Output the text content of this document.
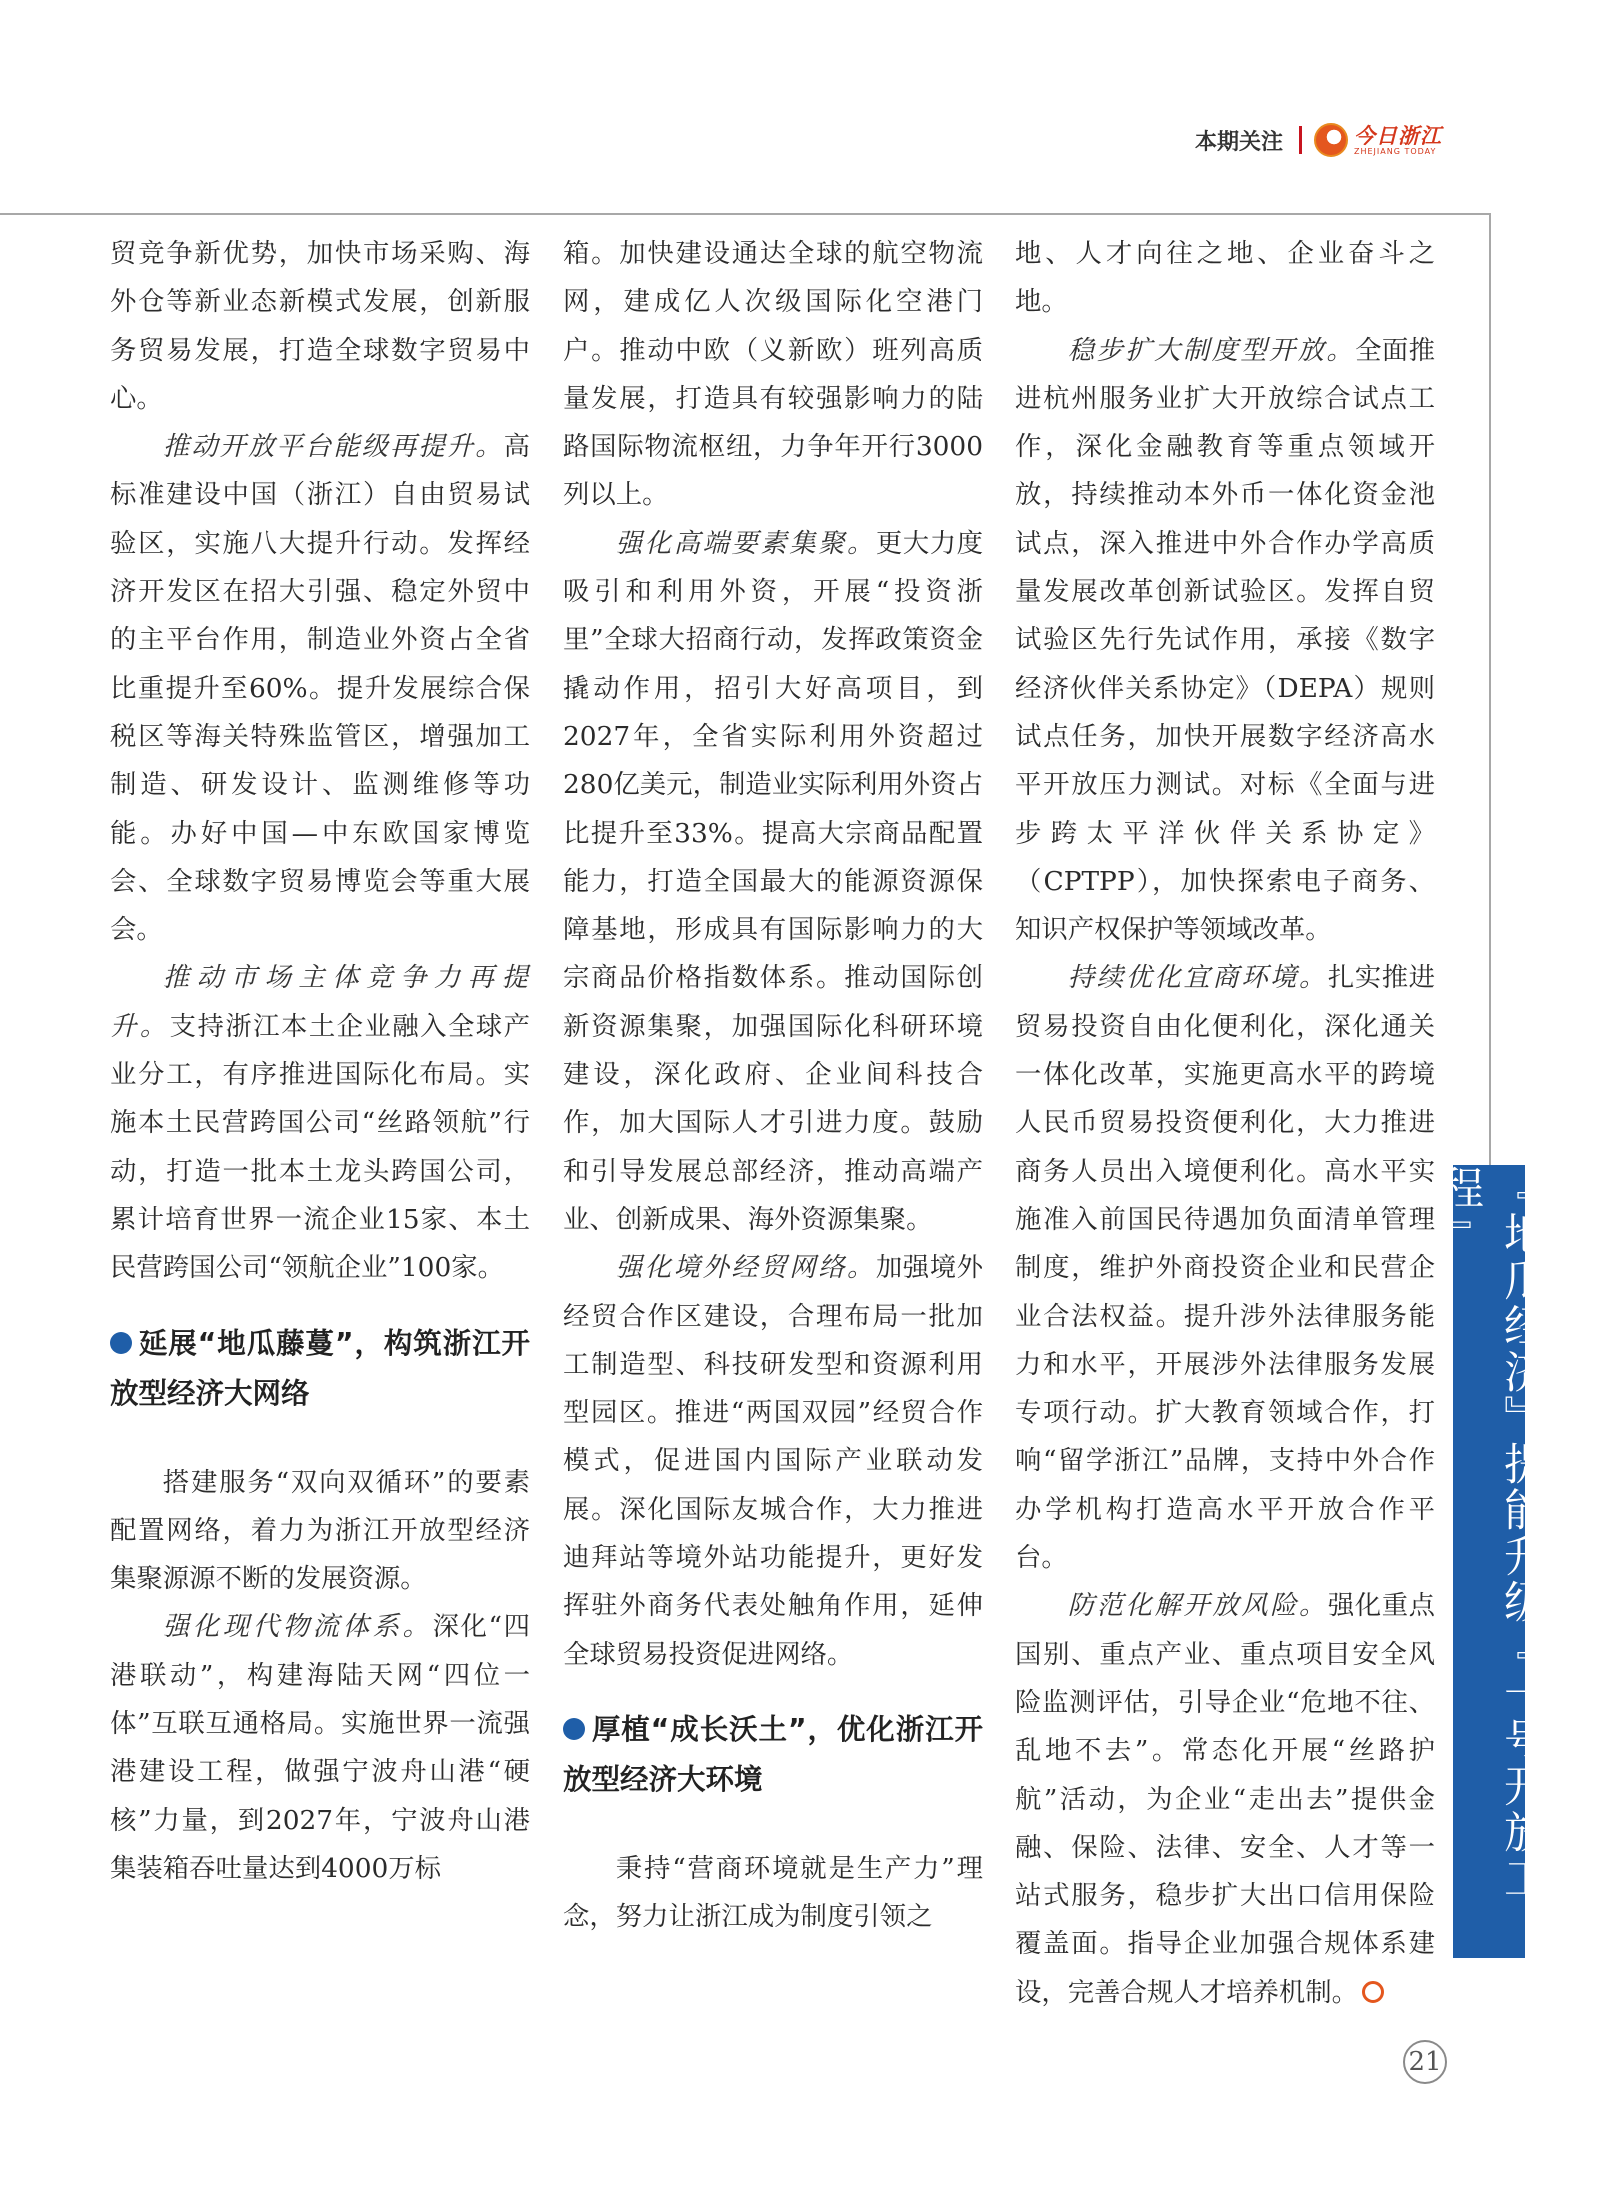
本期关注	今日浙江
ZHEJIANG TODAY

贸竞争新优势，加快市场采购、海外仓等新业态新模式发展，创新服务贸易发展，打造全球数字贸易中心。

推动开放平台能级再提升。高标准建设中国（浙江）自由贸易试验区，实施八大提升行动。发挥经济开发区在招大引强、稳定外贸中的主平台作用，制造业外资占全省比重提升至60%。提升发展综合保税区等海关特殊监管区，增强加工制造、研发设计、监测维修等功能。办好中国—中东欧国家博览会、全球数字贸易博览会等重大展会。

推动市场主体竞争力再提升。支持浙江本土企业融入全球产业分工，有序推进国际化布局。实施本土民营跨国公司“丝路领航”行动，打造一批本土龙头跨国公司，累计培育世界一流企业15家、本土民营跨国公司“领航企业”100家。

延展“地瓜藤蔓”，构筑浙江开放型经济大网络

搭建服务“双向双循环”的要素配置网络，着力为浙江开放型经济集聚源源不断的发展资源。

强化现代物流体系。深化“四港联动”，构建海陆天网“四位一体”互联互通格局。实施世界一流强港建设工程，做强宁波舟山港“硬核”力量，到2027年，宁波舟山港集装箱吞吐量达到4000万标

箱。加快建设通达全球的航空物流网，建成亿人次级国际化空港门户。推动中欧（义新欧）班列高质量发展，打造具有较强影响力的陆路国际物流枢纽，力争年开行3000列以上。

强化高端要素集聚。更大力度吸引和利用外资，开展“投资浙里”全球大招商行动，发挥政策资金撬动作用，招引大好高项目，到2027年，全省实际利用外资超过280亿美元，制造业实际利用外资占比提升至33%。提高大宗商品配置能力，打造全国最大的能源资源保障基地，形成具有国际影响力的大宗商品价格指数体系。推动国际创新资源集聚，加强国际化科研环境建设，深化政府、企业间科技合作，加大国际人才引进力度。鼓励和引导发展总部经济，推动高端产业、创新成果、海外资源集聚。

强化境外经贸网络。加强境外经贸合作区建设，合理布局一批加工制造型、科技研发型和资源利用型园区。推进“两国双园”经贸合作模式，促进国内国际产业联动发展。深化国际友城合作，大力推进迪拜站等境外站功能提升，更好发挥驻外商务代表处触角作用，延伸全球贸易投资促进网络。

厚植“成长沃土”，优化浙江开放型经济大环境

秉持“营商环境就是生产力”理念，努力让浙江成为制度引领之

地、人才向往之地、企业奋斗之地。

稳步扩大制度型开放。全面推进杭州服务业扩大开放综合试点工作，深化金融教育等重点领域开放，持续推动本外币一体化资金池试点，深入推进中外合作办学高质量发展改革创新试验区。发挥自贸试验区先行先试作用，承接《数字经济伙伴关系协定》（DEPA）规则试点任务，加快开展数字经济高水平开放压力测试。对标《全面与进步跨太平洋伙伴关系协定》（CPTPP），加快探索电子商务、知识产权保护等领域改革。

持续优化宜商环境。扎实推进贸易投资自由化便利化，深化通关一体化改革，实施更高水平的跨境人民币贸易投资便利化，大力推进商务人员出入境便利化。高水平实施准入前国民待遇加负面清单管理制度，维护外商投资企业和民营企业合法权益。提升涉外法律服务能力和水平，开展涉外法律服务发展专项行动。扩大教育领域合作，打响“留学浙江”品牌，支持中外合作办学机构打造高水平开放合作平台。

防范化解开放风险。强化重点国别、重点产业、重点项目安全风险监测评估，引导企业“危地不往、乱地不去”。常态化开展“丝路护航”活动，为企业“走出去”提供金融、保险、法律、安全、人才等一站式服务，稳步扩大出口信用保险覆盖面。指导企业加强合规体系建设，完善合规人才培养机制。

『地瓜经济』提能升级『一号开放工程』
21
